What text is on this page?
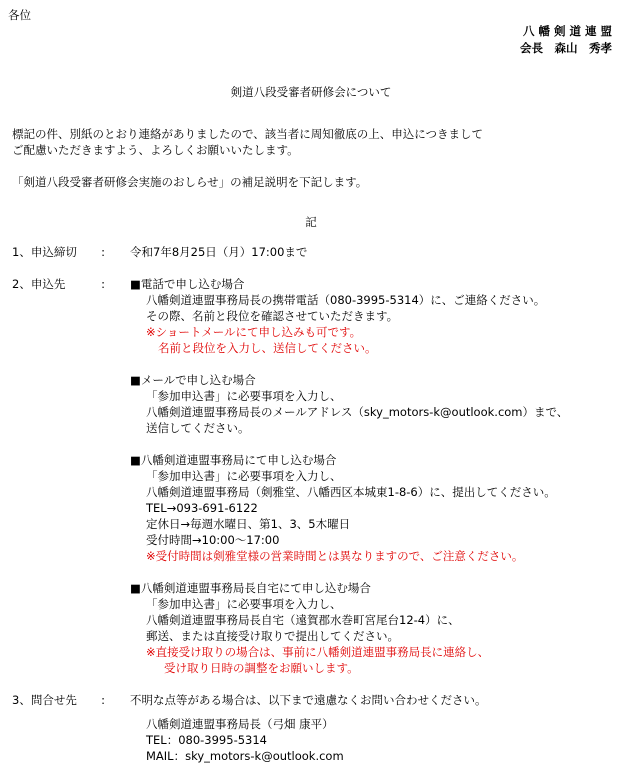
各位
八 幡 剣 道 連 盟
会長　森山　秀孝
剣道八段受審者研修会について
標記の件、別紙のとおり連絡がありましたので、該当者に周知徹底の上、申込につきまして
ご配慮いただきますよう、よろしくお願いいたします。
「剣道八段受審者研修会実施のおしらせ」の補足説明を下記します。
記
1、申込締切 : 令和7年8月25日（月）17:00まで
2、申込先	: ■電話で申し込む場合
八幡剣道連盟事務局長の携帯電話（080-3995-5314）に、ご連絡ください。
その際、名前と段位を確認させていただきます。
※ショートメールにて申し込みも可です。
名前と段位を入力し、送信してください。
■メールで申し込む場合
「参加申込書」に必要事項を入力し、
八幡剣道連盟事務局長のメールアドレス（sky_motors-k@outlook.com）まで、
送信してください。
■八幡剣道連盟事務局にて申し込む場合
「参加申込書」に必要事項を入力し、
八幡剣道連盟事務局（剣雅堂、八幡西区本城東1-8-6）に、提出してください。
TEL→093-691-6122
定休日→毎週水曜日、第1、3、5木曜日
受付時間→10:00～17:00
※受付時間は剣雅堂様の営業時間とは異なりますので、ご注意ください。
■八幡剣道連盟事務局長自宅にて申し込む場合
「参加申込書」に必要事項を入力し、
八幡剣道連盟事務局長自宅（遠賀郡水巻町宮尾台12-4）に、
郵送、または直接受け取りで提出してください。
※直接受け取りの場合は、事前に八幡剣道連盟事務局長に連絡し、
受け取り日時の調整をお願いします。
3、問合せ先 : 不明な点等がある場合は、以下まで遠慮なくお問い合わせください。
八幡剣道連盟事務局長（弓畑 康平）
TEL：080-3995-5314
MAIL：sky_motors-k@outlook.com
